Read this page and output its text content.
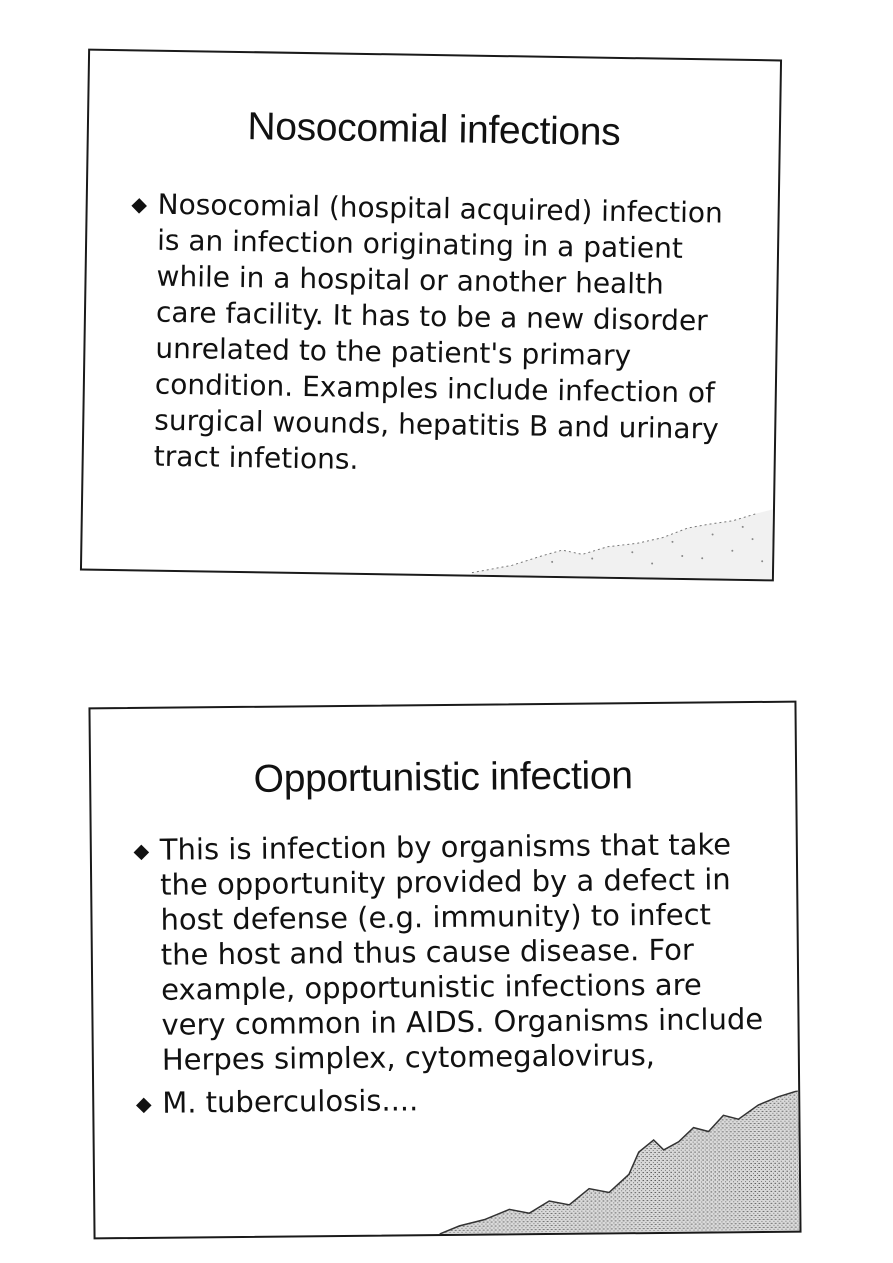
Nosocomial infections
Nosocomial (hospital acquired) infection is an infection originating in a patient while in a hospital or another health care facility. It has to be a new disorder unrelated to the patient's primary condition. Examples include infection of surgical wounds, hepatitis B and urinary tract infetions.
Opportunistic infection
This is infection by organisms that take the opportunity provided by a defect in host defense (e.g. immunity) to infect the host and thus cause disease. For example, opportunistic infections are very common in AIDS. Organisms include Herpes simplex, cytomegalovirus,
M. tuberculosis....
